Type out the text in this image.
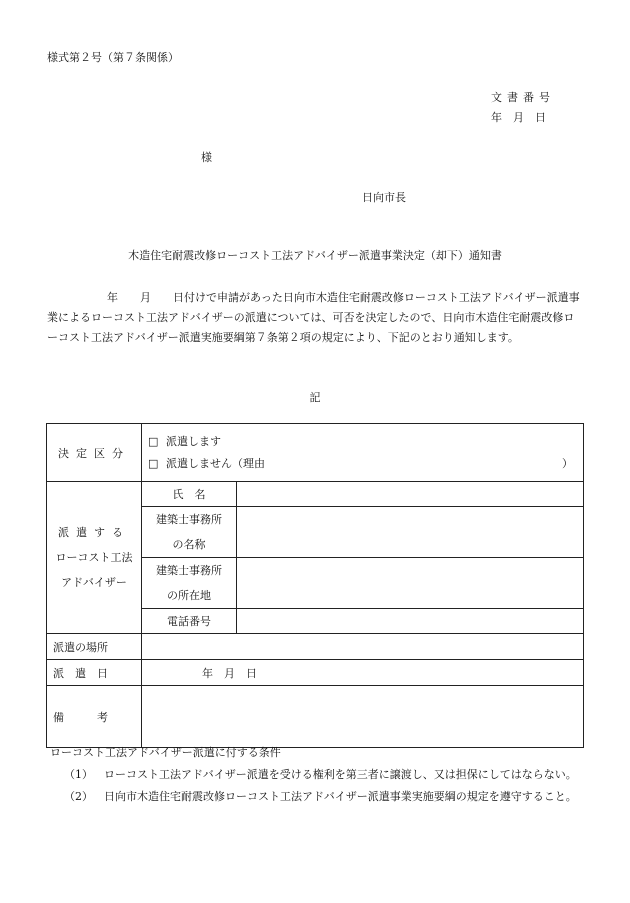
様式第２号（第７条関係）
文書番号
年　月　日
様
日向市長
木造住宅耐震改修ローコスト工法アドバイザー派遣事業決定（却下）通知書
年　　月　　日付けで申請があった日向市木造住宅耐震改修ローコスト工法アドバイザー派遣事業によるローコスト工法アドバイザーの派遣については、可否を決定したので、日向市木造住宅耐震改修ローコスト工法アドバイザー派遣実施要綱第７条第２項の規定により、下記のとおり通知します。
記
決定区分	□ 派遣します
□ 派遣しません（理由 ）	

派遣する
ローコスト工法
アドバイザー	氏　名	

	建築士事務所
の名称	

	建築士事務所
の所在地	

	電話番号	
派遣の場所		
派　遣　日	年　月　日	
備　　　考		
ローコスト工法アドバイザー派遣に付する条件
（1）	ローコスト工法アドバイザー派遣を受ける権利を第三者に譲渡し、又は担保にしてはならない。
（2）	日向市木造住宅耐震改修ローコスト工法アドバイザー派遣事業実施要綱の規定を遵守すること。
